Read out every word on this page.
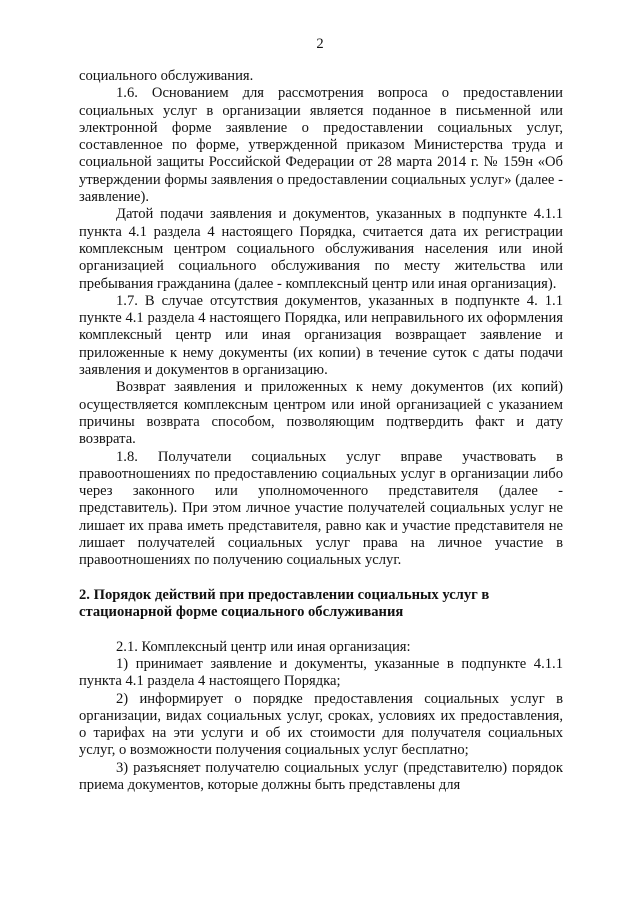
2

социального обслуживания.

1.6. Основанием для рассмотрения вопроса о предоставлении социальных услуг в организации является поданное в письменной или электронной форме заявление о предоставлении социальных услуг, составленное по форме, утвержденной приказом Министерства труда и социальной защиты Российской Федерации от 28 марта 2014 г. № 159н «Об утверждении формы заявления о предоставлении социальных услуг» (далее - заявление).

Датой подачи заявления и документов, указанных в подпункте 4.1.1 пункта 4.1 раздела 4 настоящего Порядка, считается дата их регистрации комплексным центром социального обслуживания населения или иной организацией социального обслуживания по месту жительства или пребывания гражданина (далее - комплексный центр или иная организация).

1.7. В случае отсутствия документов, указанных в подпункте 4. 1.1 пункте 4.1 раздела 4 настоящего Порядка, или неправильного их оформления комплексный центр или иная организация возвращает заявление и приложенные к нему документы (их копии) в течение суток с даты подачи заявления и документов в организацию.

Возврат заявления и приложенных к нему документов (их копий) осуществляется комплексным центром или иной организацией с указанием причины возврата способом, позволяющим подтвердить факт и дату возврата.

1.8. Получатели социальных услуг вправе участвовать в правоотношениях по предоставлению социальных услуг в организации либо через законного или уполномоченного представителя (далее - представитель). При этом личное участие получателей социальных услуг не лишает их права иметь представителя, равно как и участие представителя не лишает получателей социальных услуг права на личное участие в правоотношениях по получению социальных услуг.

2. Порядок действий при предоставлении социальных услуг в
стационарной форме социального обслуживания

2.1. Комплексный центр или иная организация:

1) принимает заявление и документы, указанные в подпункте 4.1.1 пункта 4.1 раздела 4 настоящего Порядка;

2) информирует о порядке предоставления социальных услуг в организации, видах социальных услуг, сроках, условиях их предоставления, о тарифах на эти услуги и об их стоимости для получателя социальных услуг, о возможности получения социальных услуг бесплатно;

3) разъясняет получателю социальных услуг (представителю) порядок приема документов, которые должны быть представлены для
